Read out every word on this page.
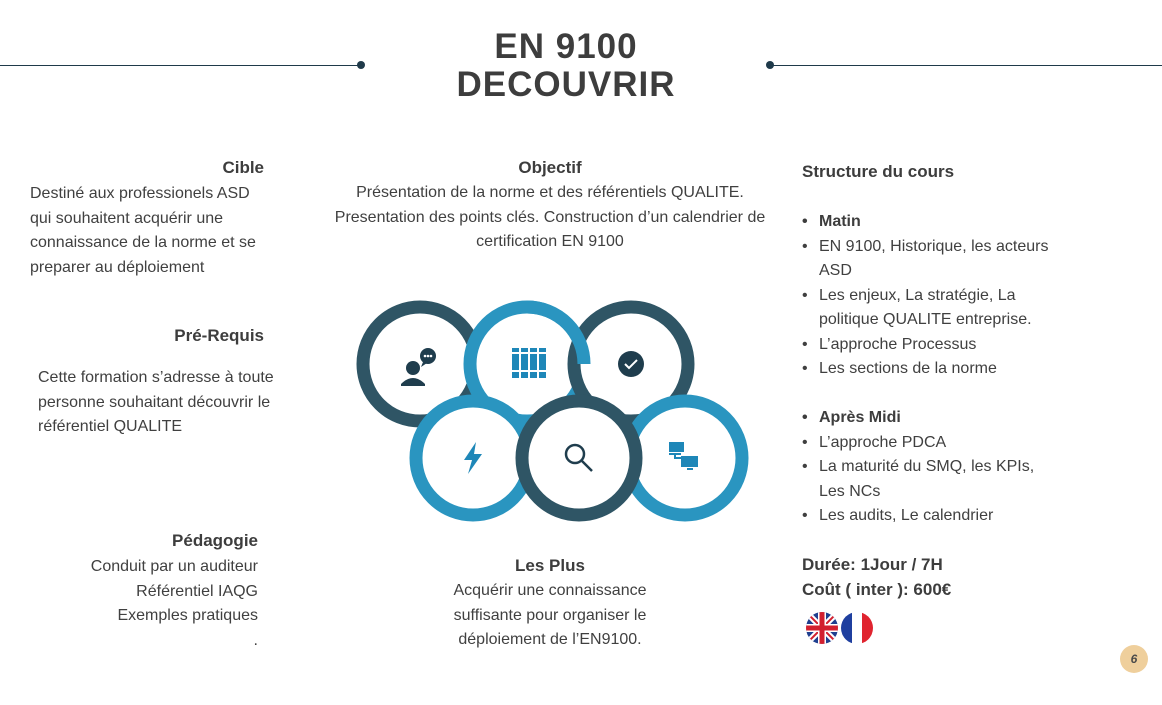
EN 9100
DECOUVRIR
Cible
Destiné aux professionels ASD qui souhaitent acquérir une connaissance de la norme et se preparer au déploiement
Pré-Requis
Cette formation s’adresse à toute personne souhaitant découvrir le référentiel QUALITE
Pédagogie
Conduit par un auditeur
Référentiel IAQG
Exemples pratiques
.
Objectif
Présentation de la norme et des référentiels QUALITE. Presentation des points clés. Construction d’un calendrier de certification EN 9100
Les Plus
Acquérir une connaissance suffisante pour organiser le déploiement de l’EN9100.
Structure du cours
• Matin
• EN 9100, Historique, les acteurs ASD
• Les enjeux, La stratégie, La politique QUALITE entreprise.
• L’approche Processus
• Les sections de la norme
• Après Midi
• L’approche PDCA
• La maturité du SMQ, les KPIs, Les NCs
• Les audits, Le calendrier
Durée: 1Jour / 7H
Coût ( inter ): 600€
6
